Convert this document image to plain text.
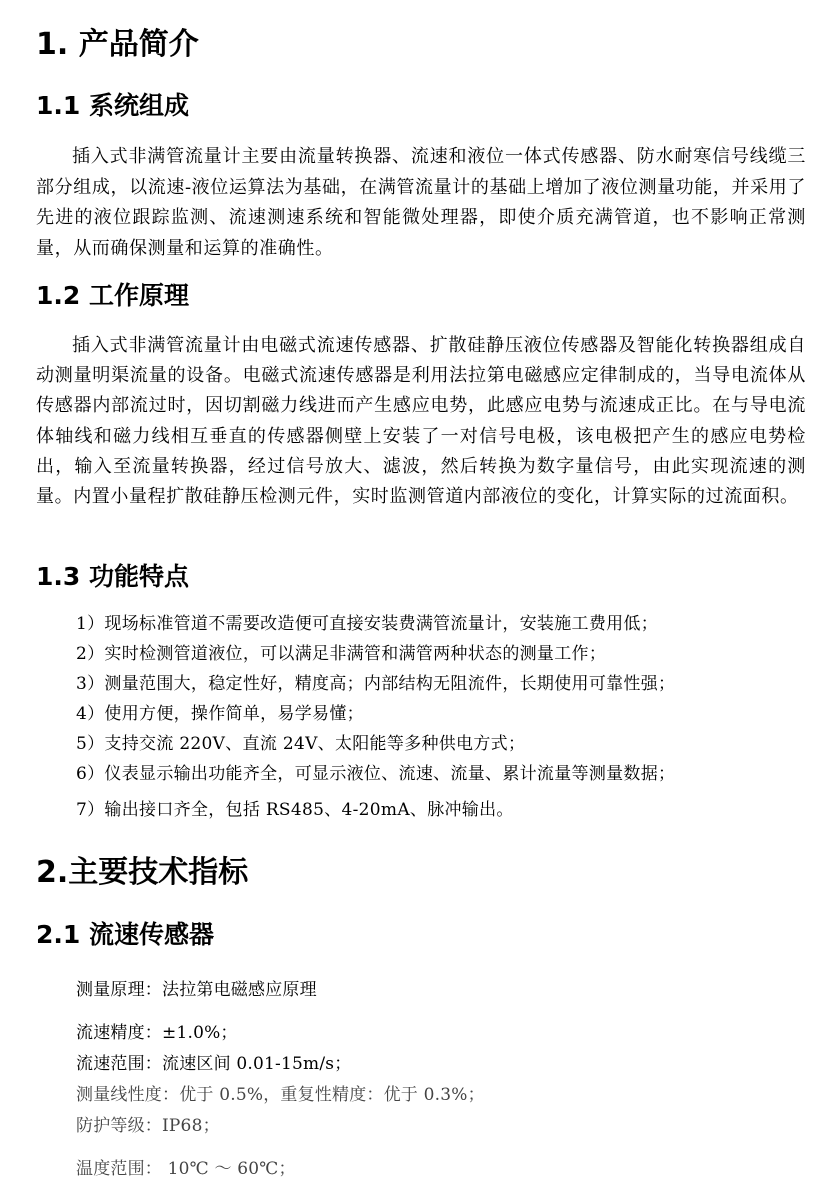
1. 产品简介
1.1 系统组成
插入式非满管流量计主要由流量转换器、流速和液位一体式传感器、防水耐寒信号线缆三部分组成，以流速-液位运算法为基础，在满管流量计的基础上增加了液位测量功能，并采用了先进的液位跟踪监测、流速测速系统和智能微处理器，即使介质充满管道，也不影响正常测量，从而确保测量和运算的准确性。
1.2 工作原理
插入式非满管流量计由电磁式流速传感器、扩散硅静压液位传感器及智能化转换器组成自动测量明渠流量的设备。电磁式流速传感器是利用法拉第电磁感应定律制成的，当导电流体从传感器内部流过时，因切割磁力线进而产生感应电势，此感应电势与流速成正比。在与导电流体轴线和磁力线相互垂直的传感器侧壁上安装了一对信号电极，该电极把产生的感应电势检出，输入至流量转换器，经过信号放大、滤波，然后转换为数字量信号，由此实现流速的测量。内置小量程扩散硅静压检测元件，实时监测管道内部液位的变化，计算实际的过流面积。
1.3 功能特点
1）现场标准管道不需要改造便可直接安装费满管流量计，安装施工费用低；
2）实时检测管道液位，可以满足非满管和满管两种状态的测量工作；
3）测量范围大，稳定性好，精度高；内部结构无阻流件，长期使用可靠性强；
4）使用方便，操作简单，易学易懂；
5）支持交流 220V、直流 24V、太阳能等多种供电方式；
6）仪表显示输出功能齐全，可显示液位、流速、流量、累计流量等测量数据；
7）输出接口齐全，包括 RS485、4-20mA、脉冲输出。
2.主要技术指标
2.1 流速传感器
测量原理：法拉第电磁感应原理
流速精度：±1.0%；
流速范围：流速区间 0.01-15m/s；
测量线性度：优于 0.5%，重复性精度：优于 0.3%；
防护等级：IP68；
温度范围： 10℃ ～ 60℃；
